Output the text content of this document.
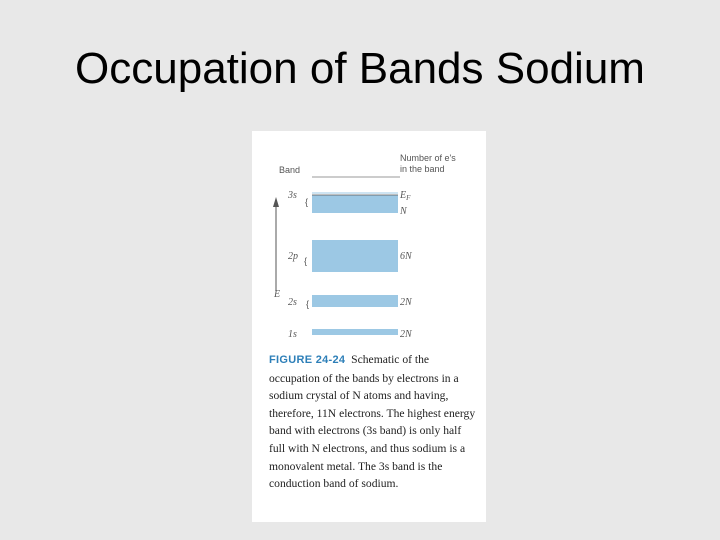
Occupation of Bands Sodium
Band
Number of e's
in the band
E
3s	$E_F$
N
{
2p	6N
{
2s	2N
{
1s	2N
FIGURE 24-24 Schematic of the occupation of the bands by electrons in a sodium crystal of N atoms and having, therefore, 11N electrons. The highest energy band with electrons (3s band) is only half full with N electrons, and thus sodium is a monovalent metal. The 3s band is the conduction band of sodium.
